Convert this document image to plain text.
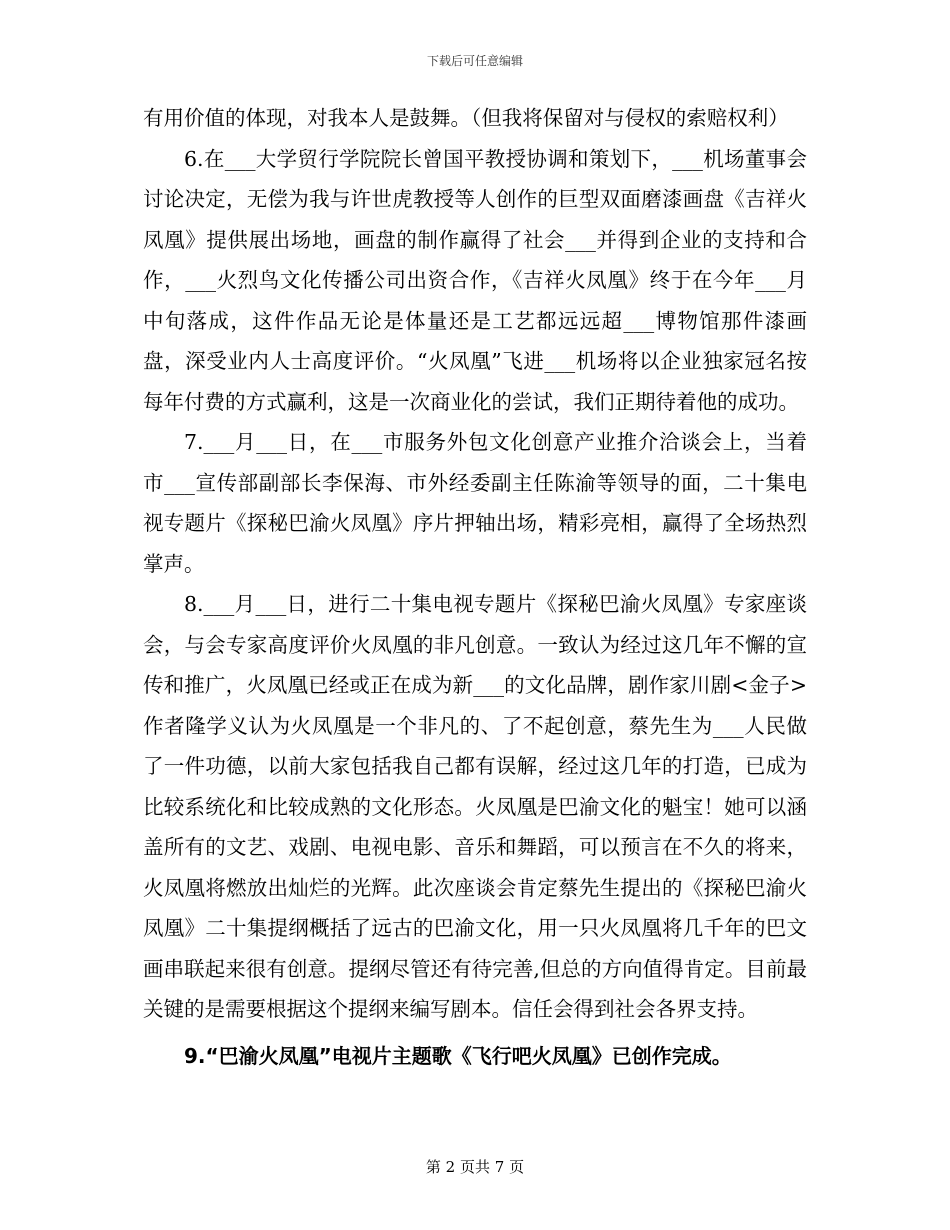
下载后可任意编辑

有用价值的体现，对我本人是鼓舞。（但我将保留对与侵权的索赔权利）

6.在___大学贸行学院院长曾国平教授协调和策划下，___机场董事会讨论决定，无偿为我与许世虎教授等人创作的巨型双面磨漆画盘《吉祥火凤凰》提供展出场地，画盘的制作赢得了社会___并得到企业的支持和合作，___火烈鸟文化传播公司出资合作，《吉祥火凤凰》终于在今年___月中旬落成，这件作品无论是体量还是工艺都远远超___博物馆那件漆画盘，深受业内人士高度评价。“火凤凰”飞进___机场将以企业独家冠名按每年付费的方式赢利，这是一次商业化的尝试，我们正期待着他的成功。

7.___月___日，在___市服务外包文化创意产业推介洽谈会上，当着市___宣传部副部长李保海、市外经委副主任陈渝等领导的面，二十集电视专题片《探秘巴渝火凤凰》序片押轴出场，精彩亮相，赢得了全场热烈掌声。

8.___月___日，进行二十集电视专题片《探秘巴渝火凤凰》专家座谈会，与会专家高度评价火凤凰的非凡创意。一致认为经过这几年不懈的宣传和推广，火凤凰已经或正在成为新___的文化品牌，剧作家川剧<金子>作者隆学义认为火凤凰是一个非凡的、了不起创意，蔡先生为___人民做了一件功德，以前大家包括我自己都有误解，经过这几年的打造，已成为比较系统化和比较成熟的文化形态。火凤凰是巴渝文化的魁宝！她可以涵盖所有的文艺、戏剧、电视电影、音乐和舞蹈，可以预言在不久的将来，火凤凰将燃放出灿烂的光辉。此次座谈会肯定蔡先生提出的《探秘巴渝火凤凰》二十集提纲概括了远古的巴渝文化，用一只火凤凰将几千年的巴文画串联起来很有创意。提纲尽管还有待完善,但总的方向值得肯定。目前最关键的是需要根据这个提纲来编写剧本。信任会得到社会各界支持。

9.“巴渝火凤凰”电视片主题歌《飞行吧火凤凰》已创作完成。

第 2 页共 7 页
